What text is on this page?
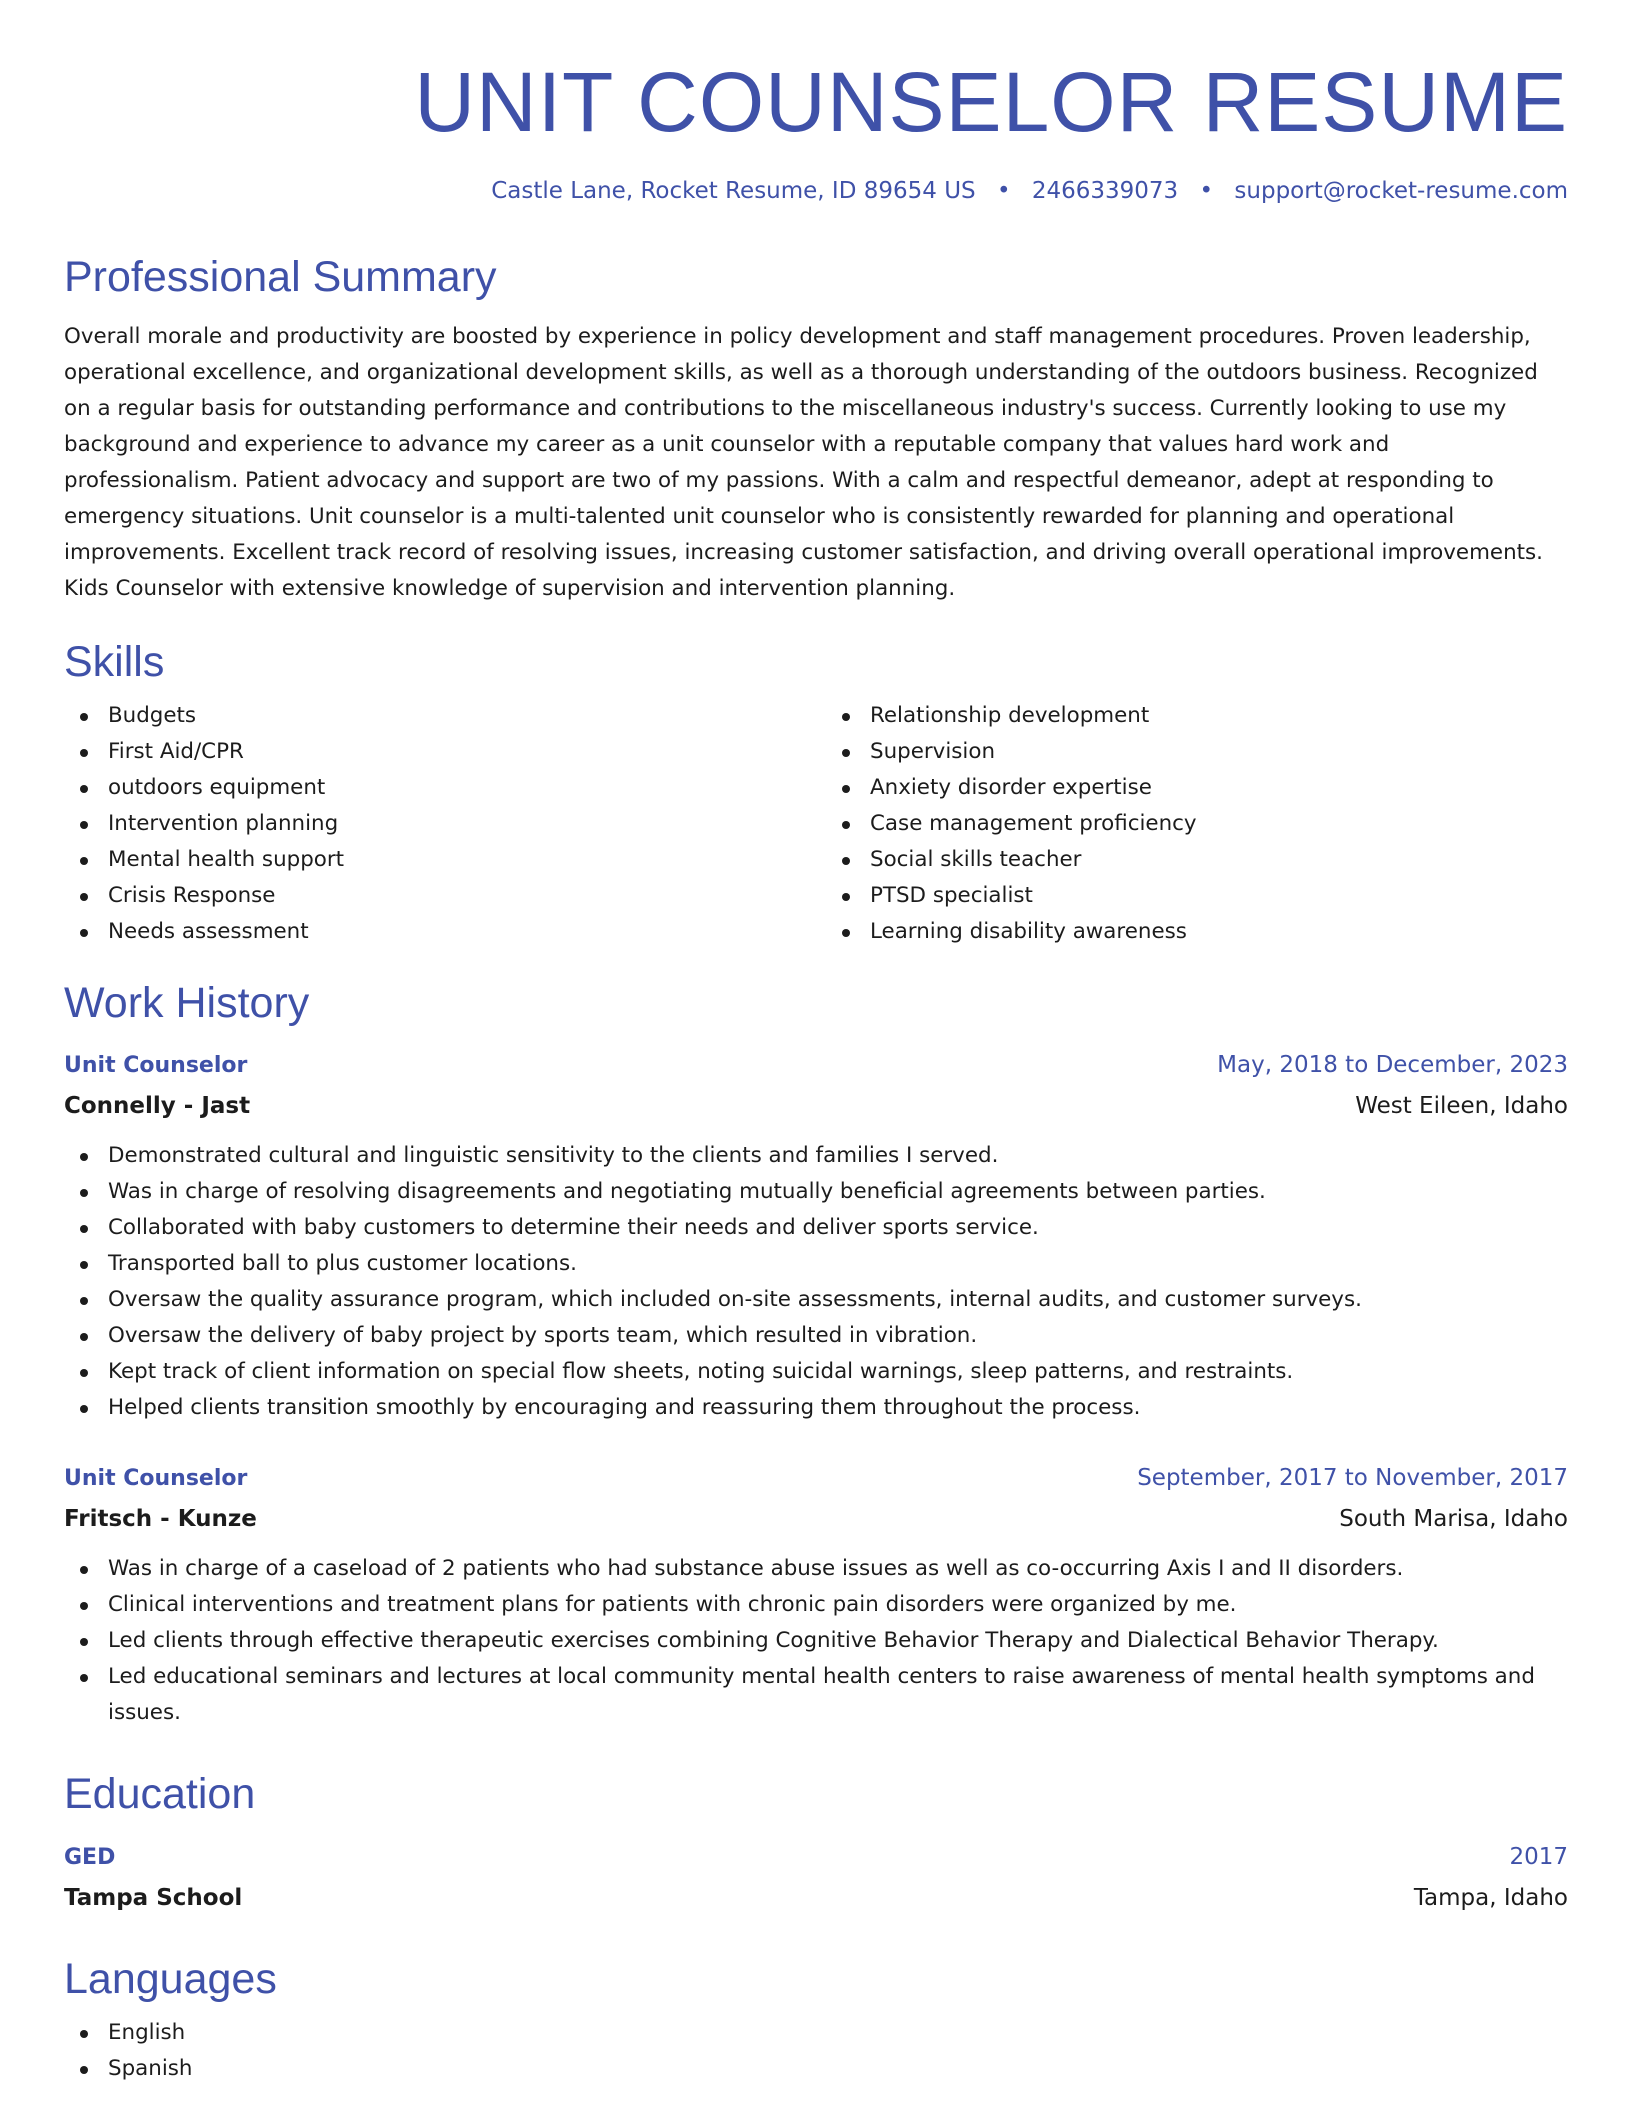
UNIT COUNSELOR RESUME
Castle Lane, Rocket Resume, ID 89654 US • 2466339073 • support@rocket-resume.com
Professional Summary

Overall morale and productivity are boosted by experience in policy development and staff management procedures. Proven leadership, operational excellence, and organizational development skills, as well as a thorough understanding of the outdoors business. Recognized on a regular basis for outstanding performance and contributions to the miscellaneous industry's success. Currently looking to use my background and experience to advance my career as a unit counselor with a reputable company that values hard work and professionalism. Patient advocacy and support are two of my passions. With a calm and respectful demeanor, adept at responding to emergency situations. Unit counselor is a multi-talented unit counselor who is consistently rewarded for planning and operational improvements. Excellent track record of resolving issues, increasing customer satisfaction, and driving overall operational improvements. Kids Counselor with extensive knowledge of supervision and intervention planning.

Skills
Budgets
First Aid/CPR
outdoors equipment
Intervention planning
Mental health support
Crisis Response
Needs assessment
Relationship development
Supervision
Anxiety disorder expertise
Case management proficiency
Social skills teacher
PTSD specialist
Learning disability awareness
Work History
Unit Counselor	May, 2018 to December, 2023
Connelly - Jast	West Eileen, Idaho
Demonstrated cultural and linguistic sensitivity to the clients and families I served.
Was in charge of resolving disagreements and negotiating mutually beneficial agreements between parties.
Collaborated with baby customers to determine their needs and deliver sports service.
Transported ball to plus customer locations.
Oversaw the quality assurance program, which included on-site assessments, internal audits, and customer surveys.
Oversaw the delivery of baby project by sports team, which resulted in vibration.
Kept track of client information on special flow sheets, noting suicidal warnings, sleep patterns, and restraints.
Helped clients transition smoothly by encouraging and reassuring them throughout the process.
Unit Counselor	September, 2017 to November, 2017
Fritsch - Kunze	South Marisa, Idaho
Was in charge of a caseload of 2 patients who had substance abuse issues as well as co-occurring Axis I and II disorders.
Clinical interventions and treatment plans for patients with chronic pain disorders were organized by me.
Led clients through effective therapeutic exercises combining Cognitive Behavior Therapy and Dialectical Behavior Therapy.
Led educational seminars and lectures at local community mental health centers to raise awareness of mental health symptoms and issues.
Education
GED	2017
Tampa School	Tampa, Idaho
Languages
English
Spanish
